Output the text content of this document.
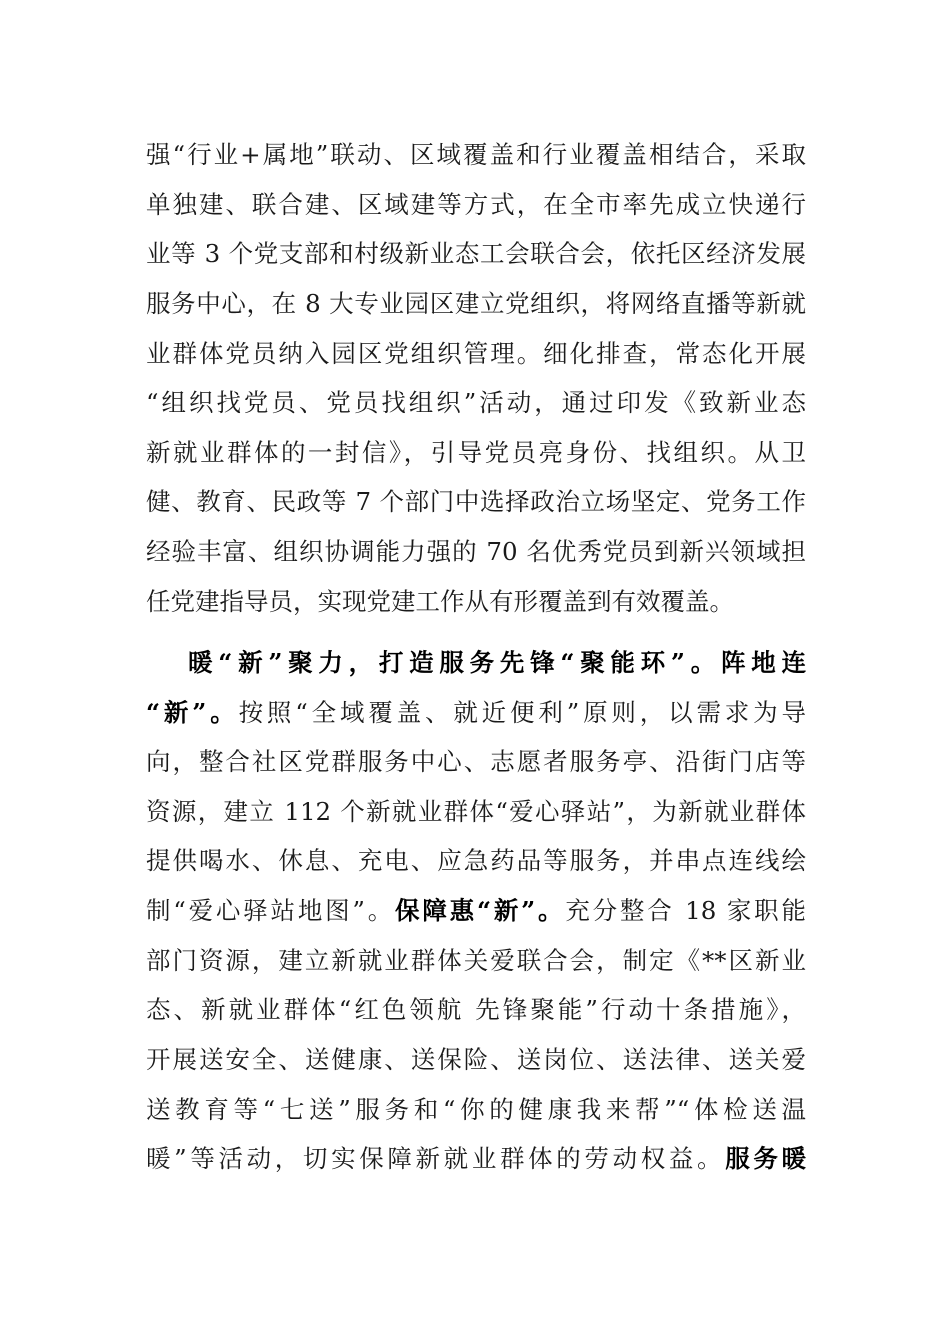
强“行业+属地”联动、区域覆盖和行业覆盖相结合，采取
单独建、联合建、区域建等方式，在全市率先成立快递行
业等 3 个党支部和村级新业态工会联合会，依托区经济发展
服务中心，在 8 大专业园区建立党组织，将网络直播等新就
业群体党员纳入园区党组织管理。细化排查，常态化开展
“组织找党员、党员找组织”活动，通过印发《致新业态
新就业群体的一封信》，引导党员亮身份、找组织。从卫
健、教育、民政等 7 个部门中选择政治立场坚定、党务工作
经验丰富、组织协调能力强的 70 名优秀党员到新兴领域担
任党建指导员，实现党建工作从有形覆盖到有效覆盖。
暖“新”聚力，打造服务先锋“聚能环”。阵地连
“新”。按照“全域覆盖、就近便利”原则，以需求为导
向，整合社区党群服务中心、志愿者服务亭、沿街门店等
资源，建立 112 个新就业群体“爱心驿站”，为新就业群体
提供喝水、休息、充电、应急药品等服务，并串点连线绘
制“爱心驿站地图”。保障惠“新”。充分整合 18 家职能
部门资源，建立新就业群体关爱联合会，制定《**区新业
态、新就业群体“红色领航 先锋聚能”行动十条措施》，
开展送安全、送健康、送保险、送岗位、送法律、送关爱
送教育等“七送”服务和“你的健康我来帮”“体检送温
暖”等活动，切实保障新就业群体的劳动权益。服务暖
